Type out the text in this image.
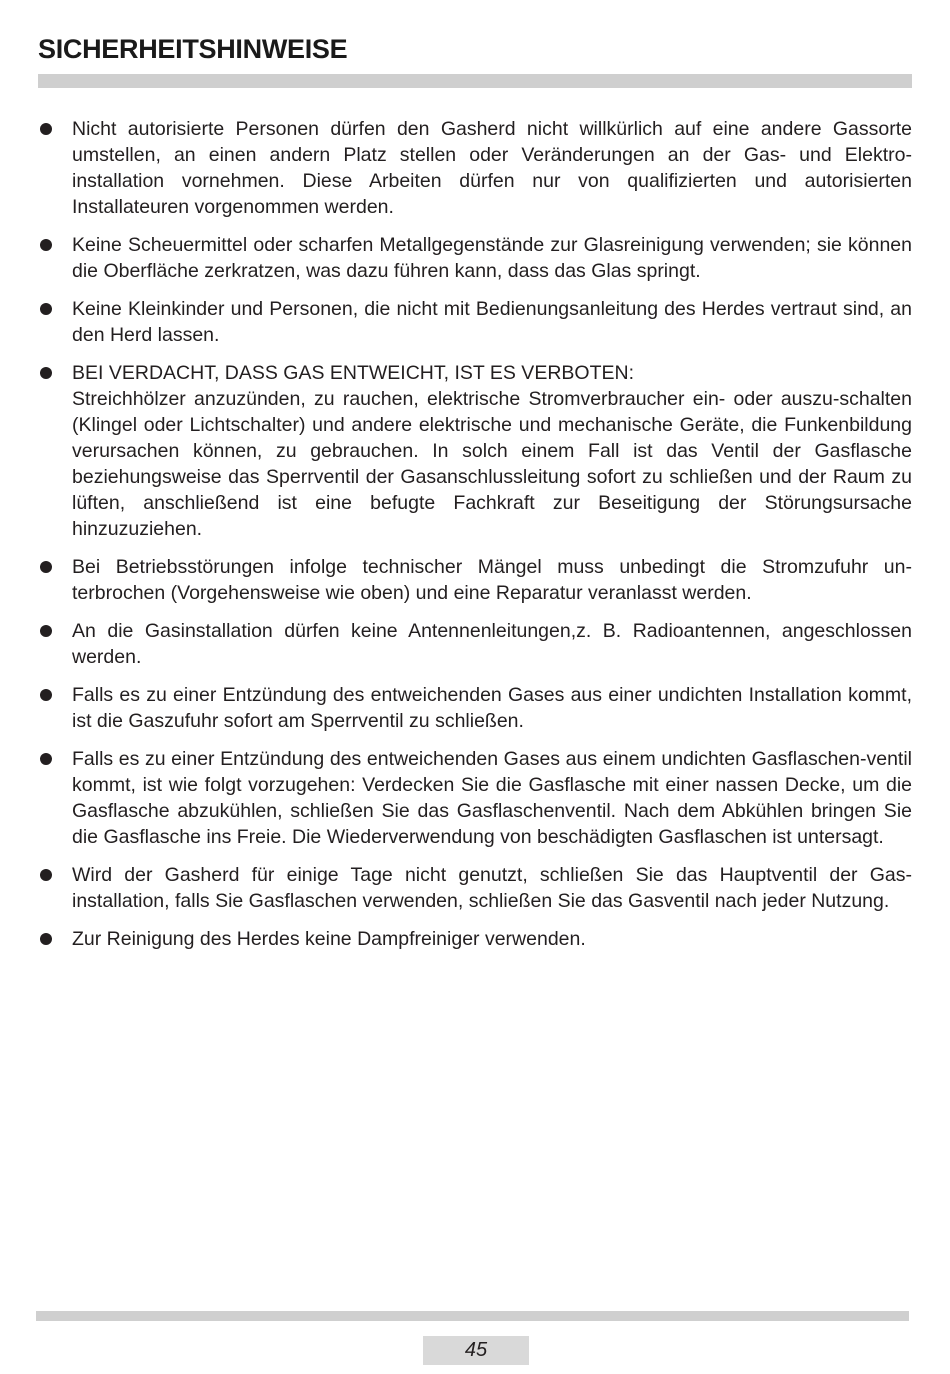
SICHERHEITSHINWEISE
Nicht autorisierte Personen dürfen den Gasherd nicht willkürlich auf eine andere Gassorte umstellen, an einen andern Platz stellen oder Veränderungen an der Gas- und Elektro-installation vornehmen. Diese Arbeiten dürfen nur von qualifizierten und autorisierten Installateuren vorgenommen werden.
Keine Scheuermittel oder scharfen Metallgegenstände zur Glasreinigung verwenden; sie können die Oberfläche zerkratzen, was dazu führen kann, dass das Glas springt.
Keine Kleinkinder und Personen, die nicht mit Bedienungsanleitung des Herdes vertraut sind, an den Herd lassen.
BEI VERDACHT, DASS GAS ENTWEICHT, IST ES VERBOTEN:
Streichhölzer anzuzünden, zu rauchen, elektrische Stromverbraucher ein- oder auszu-schalten (Klingel oder Lichtschalter) und andere elektrische und mechanische Geräte, die Funkenbildung verursachen können, zu gebrauchen. In solch einem Fall ist das Ventil der Gasflasche beziehungsweise das Sperrventil der Gasanschlussleitung sofort zu schließen und der Raum zu lüften, anschließend ist eine befugte Fachkraft zur Beseitigung der Störungsursache hinzuzuziehen.
Bei Betriebsstörungen infolge technischer Mängel muss unbedingt die Stromzufuhr un-terbrochen (Vorgehensweise wie oben) und eine Reparatur veranlasst werden.
An die Gasinstallation dürfen keine Antennenleitungen,z. B. Radioantennen, angeschlossen werden.
Falls es zu einer Entzündung des entweichenden Gases aus einer undichten Installation kommt, ist die Gaszufuhr sofort am Sperrventil zu schließen.
Falls es zu einer Entzündung des entweichenden Gases aus einem undichten Gasflaschen-ventil kommt, ist wie folgt vorzugehen: Verdecken Sie die Gasflasche mit einer nassen Decke, um die Gasflasche abzukühlen, schließen Sie das Gasflaschenventil. Nach dem Abkühlen bringen Sie die Gasflasche ins Freie. Die Wiederverwendung von beschädigten Gasflaschen ist untersagt.
Wird der Gasherd für einige Tage nicht genutzt, schließen Sie das Hauptventil der Gas-installation, falls Sie Gasflaschen verwenden, schließen Sie das Gasventil nach jeder Nutzung.
Zur Reinigung des Herdes keine Dampfreiniger verwenden.
45
